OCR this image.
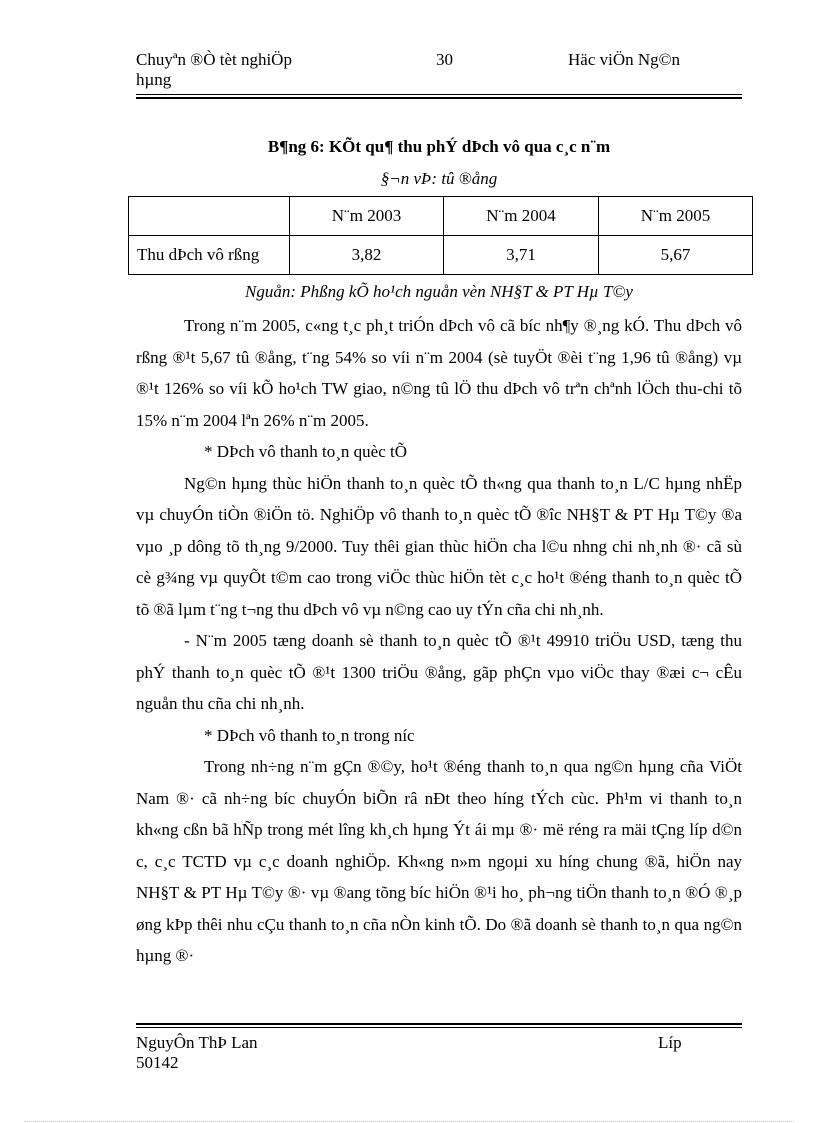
Chuyªn ®Ò tèt nghiÖp hµng
30	Häc viÖn Ng©n
B¶ng 6: KÕt qu¶ thu phÝ dÞch vô qua c¸c n¨m
§¬n vÞ: tû ®ång
	N¨m 2003	N¨m 2004	N¨m 2005
Thu dÞch vô rßng	3,82	3,71	5,67
Nguån: Phßng kÕ ho¹ch nguån vèn NH§T & PT Hµ T©y

Trong n¨m 2005, c«ng t¸c ph¸t triÓn dÞch vô cã bíc nh¶y ®¸ng kÓ. Thu dÞch vô rßng ®¹t 5,67 tû ®ång, t¨ng 54% so víi n¨m 2004 (sè tuyÖt ®èi t¨ng 1,96 tû ®ång) vµ ®¹t 126% so víi kÕ ho¹ch TW giao, n©ng tû lÖ thu dÞch vô trªn chªnh lÖch thu-chi tõ 15% n¨m 2004 lªn 26% n¨m 2005.

* DÞch vô thanh to¸n quèc tÕ

Ng©n hµng thùc hiÖn thanh to¸n quèc tÕ th«ng qua thanh to¸n L/C hµng nhËp vµ chuyÓn tiÒn ®iÖn tö. NghiÖp vô thanh to¸n quèc tÕ ®îc NH§T & PT Hµ T©y ®a vµo ¸p dông tõ th¸ng 9/2000. Tuy thêi gian thùc hiÖn cha l©u nhng chi nh¸nh ®· cã sù cè g¾ng vµ quyÕt t©m cao trong viÖc thùc hiÖn tèt c¸c ho¹t ®éng thanh to¸n quèc tÕ tõ ®ã lµm t¨ng t¬ng thu dÞch vô vµ n©ng cao uy tÝn cña chi nh¸nh.

- N¨m 2005 tæng doanh sè thanh to¸n quèc tÕ ®¹t 49910 triÖu USD, tæng thu phÝ thanh to¸n quèc tÕ ®¹t 1300 triÖu ®ång, gãp phÇn vµo viÖc thay ®æi c¬ cÊu nguån thu cña chi nh¸nh.

* DÞch vô thanh to¸n trong níc

Trong nh÷ng n¨m gÇn ®©y, ho¹t ®éng thanh to¸n qua ng©n hµng cña ViÖt Nam ®· cã nh÷ng bíc chuyÓn biÕn râ nÐt theo híng tÝch cùc. Ph¹m vi thanh to¸n kh«ng cßn bã hÑp trong mét lîng kh¸ch hµng Ýt ái mµ ®· më réng ra mäi tÇng líp d©n c, c¸c TCTD vµ c¸c doanh nghiÖp. Kh«ng n»m ngoµi xu híng chung ®ã, hiÖn nay NH§T & PT Hµ T©y ®· vµ ®ang tõng bíc hiÖn ®¹i ho¸ ph¬ng tiÖn thanh to¸n ®Ó ®¸p øng kÞp thêi nhu cÇu thanh to¸n cña nÒn kinh tÕ. Do ®ã doanh sè thanh to¸n qua ng©n hµng ®·

NguyÔn ThÞ Lan 50142
Líp
